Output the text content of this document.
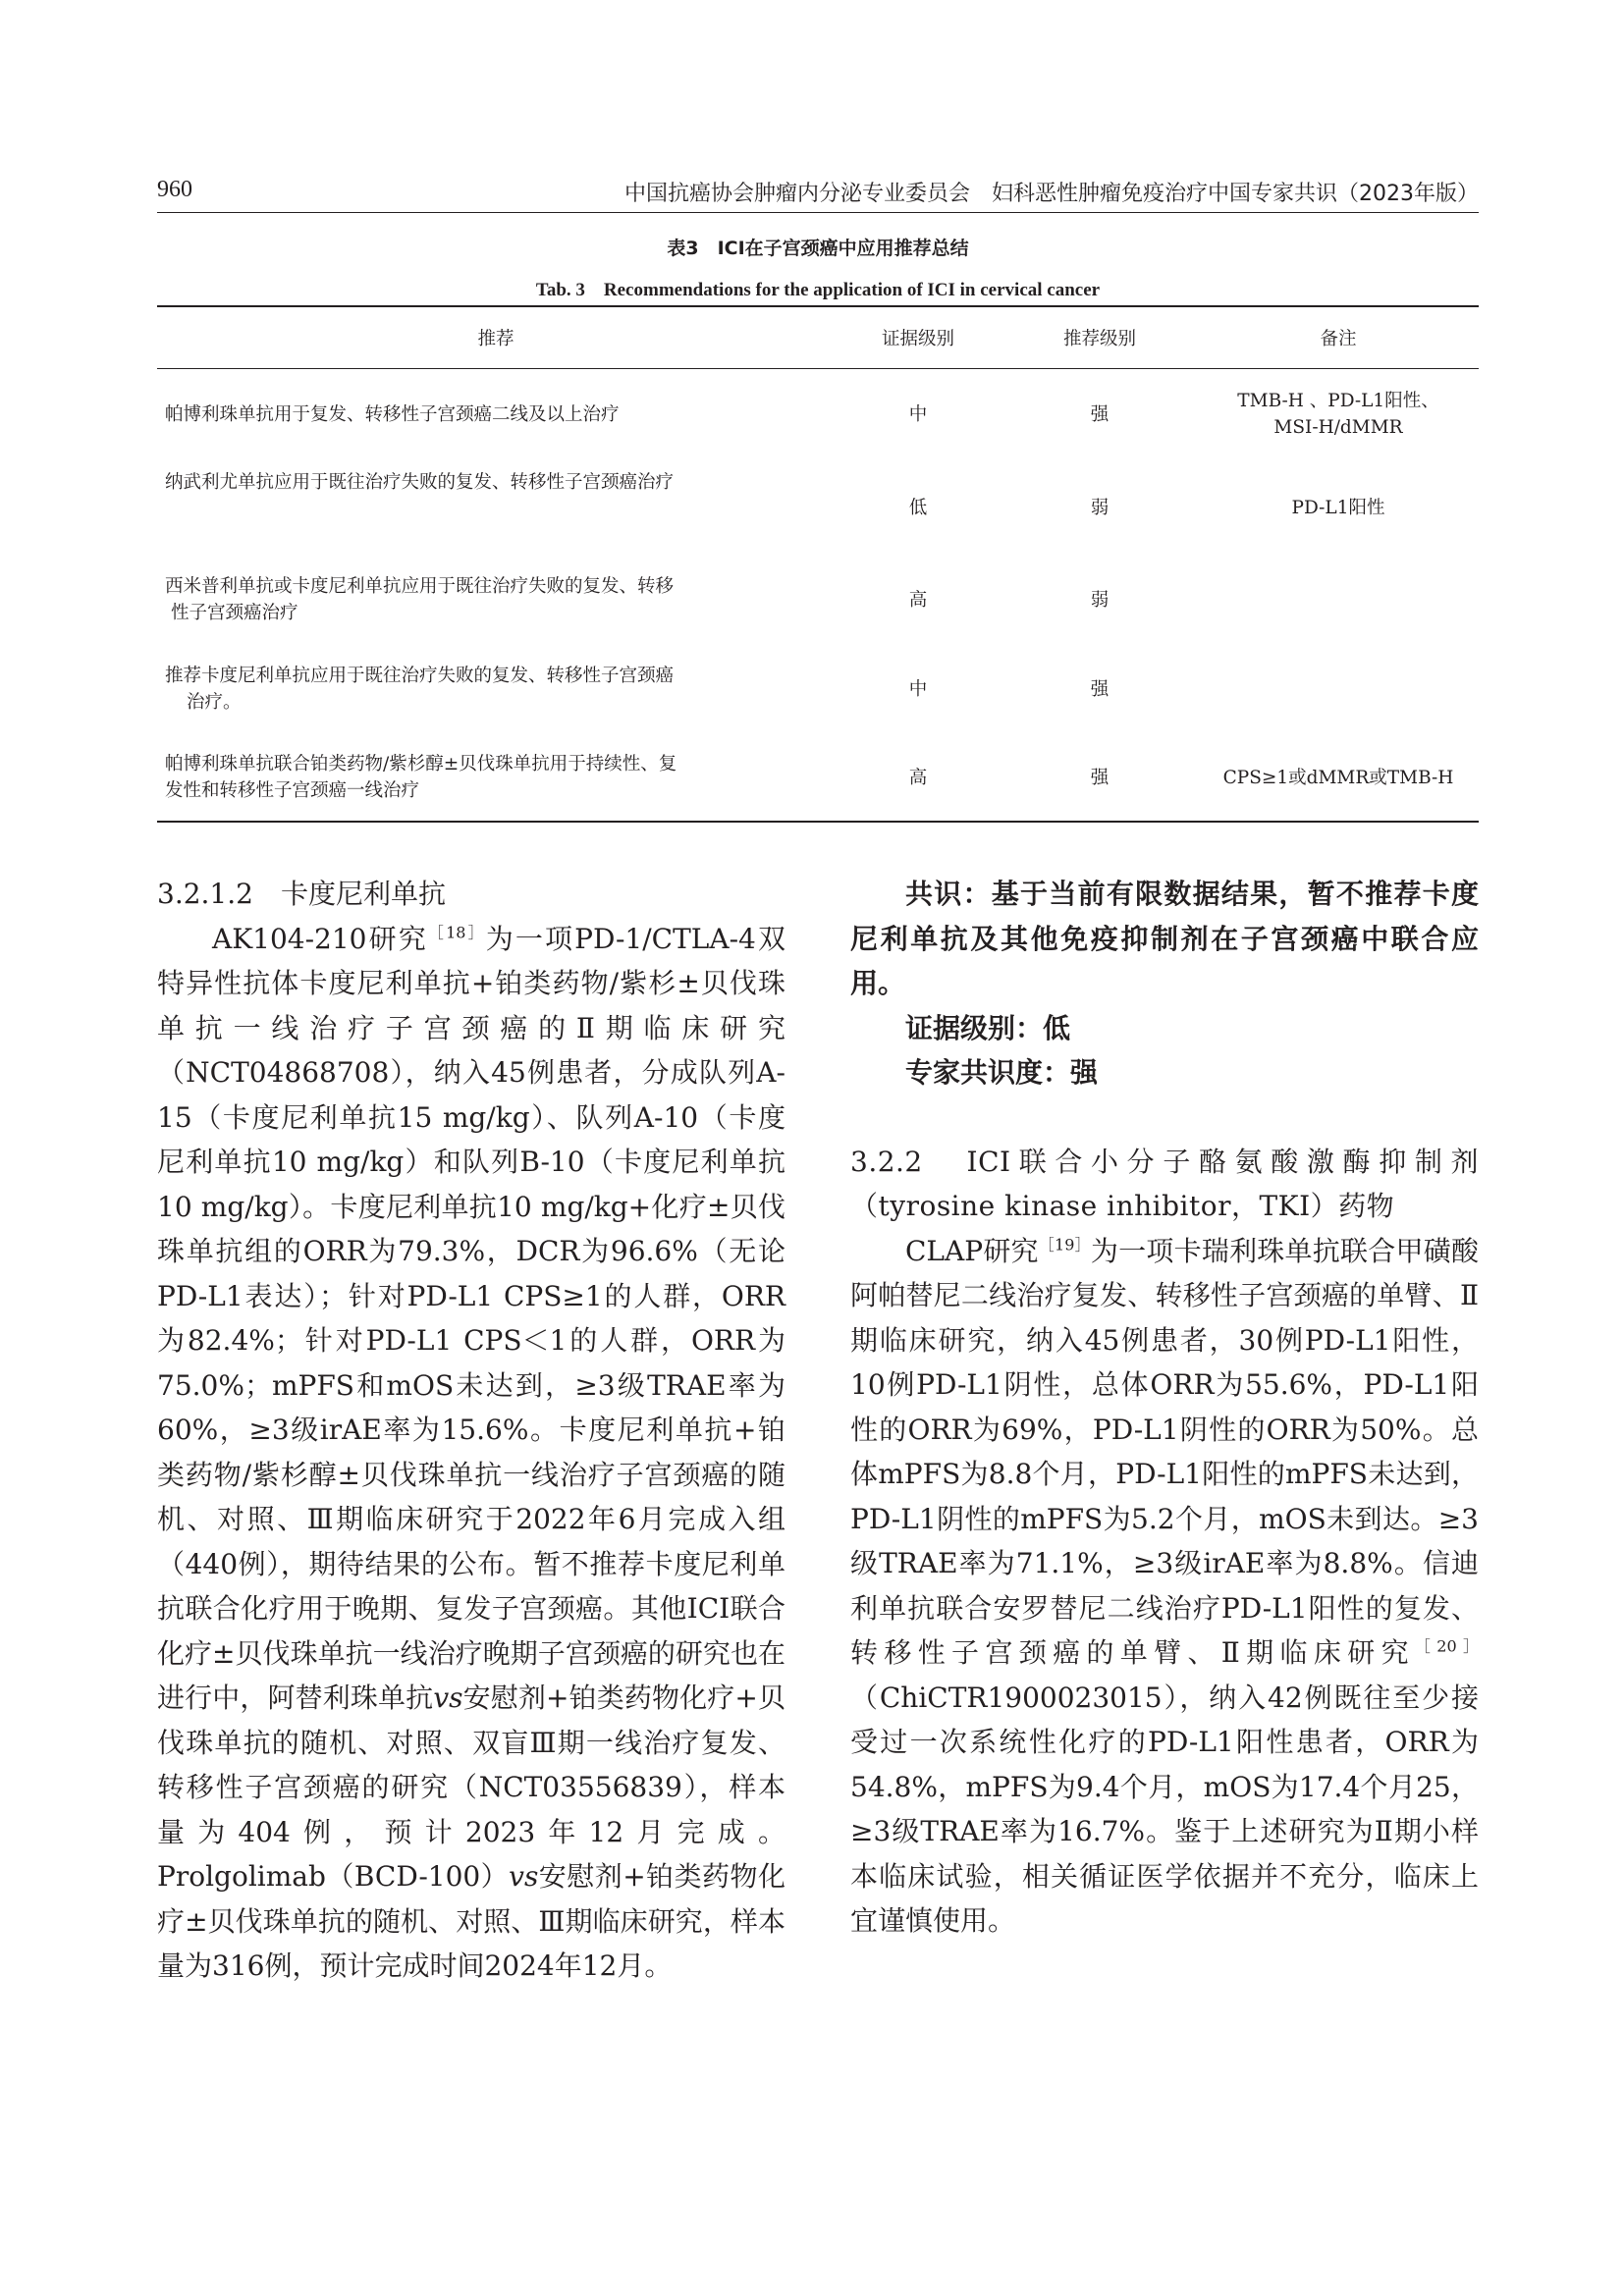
960	中国抗癌协会肿瘤内分泌专业委员会　妇科恶性肿瘤免疫治疗中国专家共识（2023年版）
表3　ICI在子宫颈癌中应用推荐总结
Tab. 3　Recommendations for the application of ICI in cervical cancer
推荐	证据级别	推荐级别	备注
帕博利珠单抗用于复发、转移性子宫颈癌二线及以上治疗	中	强	TMB-H 、PD-L1阳性、
MSI-H/dMMR

纳武利尤单抗应用于既往治疗失败的复发、转移性子宫颈癌治疗	低	弱	PD-L1阳性

西米普利单抗或卡度尼利单抗应用于既往治疗失败的复发、转移
性子宫颈癌治疗	高	弱	

推荐卡度尼利单抗应用于既往治疗失败的复发、转移性子宫颈癌
治疗。	中	强	

帕博利珠单抗联合铂类药物/紫杉醇±贝伐珠单抗用于持续性、复
发性和转移性子宫颈癌一线治疗	高	强	CPS≥1或dMMR或TMB-H

3.2.1.2　卡度尼利单抗

AK104-210研究$^{[18]}$为一项PD-1/CTLA-4双特异性抗体卡度尼利单抗+铂类药物/紫杉±贝伐珠单抗一线治疗子宫颈癌的Ⅱ期临床研究（NCT04868708），纳入45例患者，分成队列A-15（卡度尼利单抗15 mg/kg）、队列A-10（卡度尼利单抗10 mg/kg）和队列B-10（卡度尼利单抗10 mg/kg）。卡度尼利单抗10 mg/kg+化疗±贝伐珠单抗组的ORR为79.3%，DCR为96.6%（无论PD-L1表达）；针对PD-L1 CPS≥1的人群，ORR为82.4%；针对PD-L1 CPS＜1的人群，ORR为75.0%；mPFS和mOS未达到，≥3级TRAE率为60%，≥3级irAE率为15.6%。卡度尼利单抗+铂类药物/紫杉醇±贝伐珠单抗一线治疗子宫颈癌的随机、对照、Ⅲ期临床研究于2022年6月完成入组（440例），期待结果的公布。暂不推荐卡度尼利单抗联合化疗用于晚期、复发子宫颈癌。其他ICI联合化疗±贝伐珠单抗一线治疗晚期子宫颈癌的研究也在进行中，阿替利珠单抗vs安慰剂+铂类药物化疗+贝伐珠单抗的随机、对照、双盲Ⅲ期一线治疗复发、转移性子宫颈癌的研究（NCT03556839），样本量为404例，预计2023年12月完成。Prolgolimab（BCD-100）vs安慰剂+铂类药物化疗±贝伐珠单抗的随机、对照、Ⅲ期临床研究，样本量为316例，预计完成时间2024年12月。

共识：基于当前有限数据结果，暂不推荐卡度尼利单抗及其他免疫抑制剂在子宫颈癌中联合应用。

证据级别：低

专家共识度：强

3.2.2　ICI联合小分子酪氨酸激酶抑制剂（tyrosine kinase inhibitor，TKI）药物

CLAP研究$^{[19]}$为一项卡瑞利珠单抗联合甲磺酸阿帕替尼二线治疗复发、转移性子宫颈癌的单臂、Ⅱ期临床研究，纳入45例患者，30例PD-L1阳性，10例PD-L1阴性，总体ORR为55.6%，PD-L1阳性的ORR为69%，PD-L1阴性的ORR为50%。总体mPFS为8.8个月，PD-L1阳性的mPFS未达到，PD-L1阴性的mPFS为5.2个月，mOS未到达。≥3级TRAE率为71.1%，≥3级irAE率为8.8%。信迪利单抗联合安罗替尼二线治疗PD-L1阳性的复发、转移性子宫颈癌的单臂、Ⅱ期临床研究$^{[20]}$（ChiCTR1900023015），纳入42例既往至少接受过一次系统性化疗的PD-L1阳性患者，ORR为54.8%，mPFS为9.4个月，mOS为17.4个月25，≥3级TRAE率为16.7%。鉴于上述研究为Ⅱ期小样本临床试验，相关循证医学依据并不充分，临床上宜谨慎使用。
